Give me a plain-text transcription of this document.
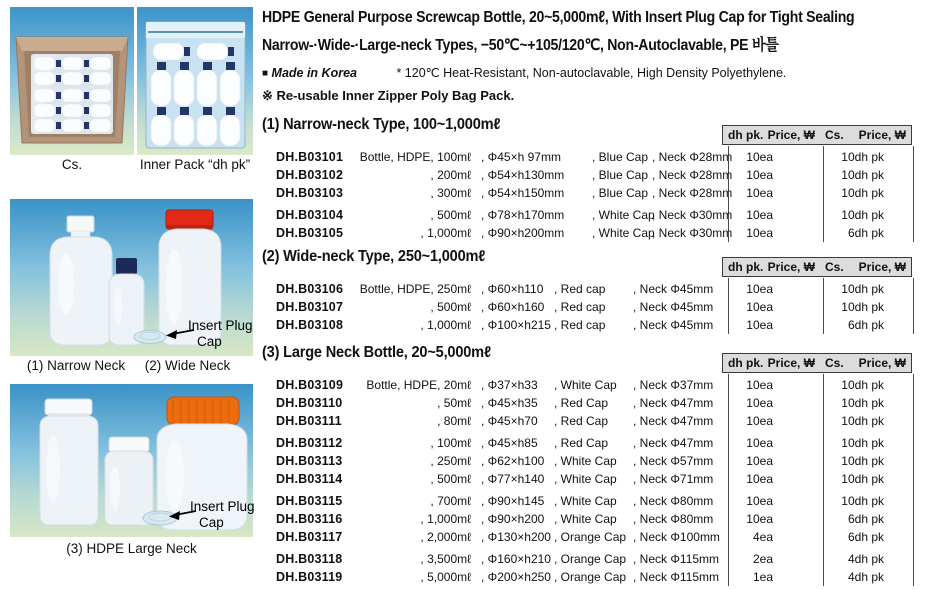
Cs.	Inner Pack “dh pk”
Insert Plug
Cap
(1) Narrow Neck	(2) Wide Neck
Insert Plug
Cap
(3) HDPE Large Neck
HDPE General Purpose Screwcap Bottle, 20~5,000mℓ, With Insert Plug Cap for Tight Sealing
Narrow-·Wide-·Large-neck Types, −50℃~+105/120℃, Non-Autoclavable, PE 바틀
■ Made in Korea	* 120℃ Heat-Resistant, Non-autoclavable, High Density Polyethylene.
※ Re-usable Inner Zipper Poly Bag Pack.
(1) Narrow-neck Type, 100~1,000mℓ
dh pk. Price, ₩ Cs. Price, ₩
DH.B03101 Bottle, HDPE, 100mℓ , Φ45×h 97mm	, Blue Cap , Neck Φ28mm	10ea	10dh pk
DH.B03102	, 200mℓ , Φ54×h130mm , Blue Cap , Neck Φ28mm	10ea	10dh pk
DH.B03103	, 300mℓ , Φ54×h150mm , Blue Cap , Neck Φ28mm	10ea	10dh pk
DH.B03104	, 500mℓ , Φ78×h170mm , White Cap, Neck Φ30mm	10ea	10dh pk
DH.B03105	, 1,000mℓ , Φ90×h200mm , White Cap, Neck Φ30mm	10ea	6dh pk
(2) Wide-neck Type, 250~1,000mℓ
dh pk. Price, ₩ Cs. Price, ₩
DH.B03106 Bottle, HDPE, 250mℓ , Φ60×h110 , Red cap , Neck Φ45mm	10ea	10dh pk
DH.B03107	, 500mℓ , Φ60×h160 , Red cap , Neck Φ45mm	10ea	10dh pk
DH.B03108	, 1,000mℓ , Φ100×h215 , Red cap , Neck Φ45mm	10ea	6dh pk
(3) Large Neck Bottle, 20~5,000mℓ
dh pk. Price, ₩ Cs. Price, ₩
DH.B03109 Bottle, HDPE, 20mℓ , Φ37×h33 , White Cap , Neck Φ37mm	10ea	10dh pk
DH.B03110	, 50mℓ , Φ45×h35 , Red Cap , Neck Φ47mm	10ea	10dh pk
DH.B03111	, 80mℓ , Φ45×h70 , Red Cap , Neck Φ47mm	10ea	10dh pk
DH.B03112	, 100mℓ , Φ45×h85 , Red Cap , Neck Φ47mm	10ea	10dh pk
DH.B03113	, 250mℓ , Φ62×h100 , White Cap , Neck Φ57mm	10ea	10dh pk
DH.B03114	, 500mℓ , Φ77×h140 , White Cap , Neck Φ71mm	10ea	10dh pk
DH.B03115	, 700mℓ , Φ90×h145 , White Cap , Neck Φ80mm	10ea	10dh pk
DH.B03116	, 1,000mℓ , Φ90×h200 , White Cap , Neck Φ80mm	10ea	6dh pk
DH.B03117	, 2,000mℓ , Φ130×h200 , Orange Cap , Neck Φ100mm	4ea	6dh pk
DH.B03118	, 3,500mℓ , Φ160×h210 , Orange Cap , Neck Φ115mm	2ea	4dh pk
DH.B03119	, 5,000mℓ , Φ200×h250 , Orange Cap , Neck Φ115mm	1ea	4dh pk
